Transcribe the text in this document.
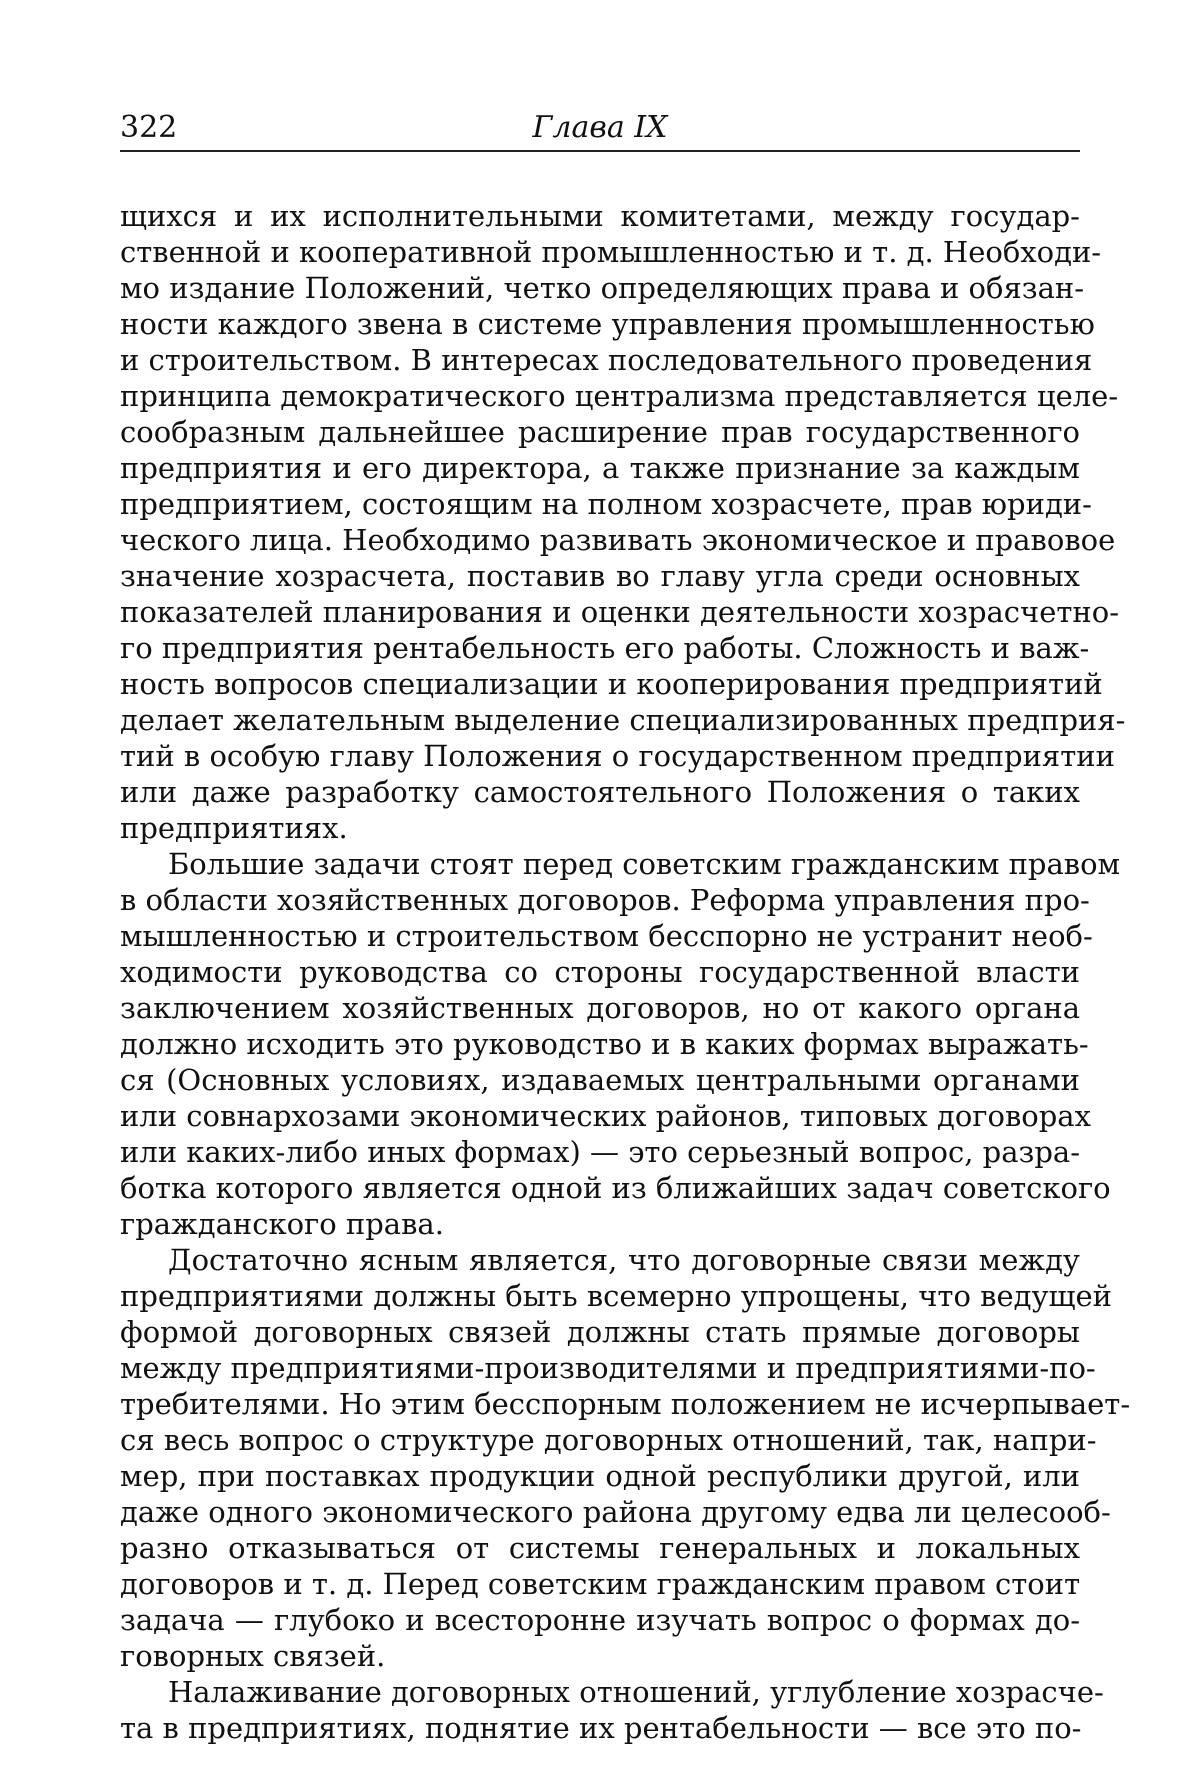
322	Глава IX
щихся и их исполнительными комитетами, между государ-
ственной и кооперативной промышленностью и т. д. Необходи-
мо издание Положений, четко определяющих права и обязан-
ности каждого звена в системе управления промышленностью
и строительством. В интересах последовательного проведения
принципа демократического централизма представляется целе-
сообразным дальнейшее расширение прав государственного
предприятия и его директора, а также признание за каждым
предприятием, состоящим на полном хозрасчете, прав юриди-
ческого лица. Необходимо развивать экономическое и правовое
значение хозрасчета, поставив во главу угла среди основных
показателей планирования и оценки деятельности хозрасчетно-
го предприятия рентабельность его работы. Сложность и важ-
ность вопросов специализации и кооперирования предприятий
делает желательным выделение специализированных предприя-
тий в особую главу Положения о государственном предприятии
или даже разработку самостоятельного Положения о таких
предприятиях.
Большие задачи стоят перед советским гражданским правом
в области хозяйственных договоров. Реформа управления про-
мышленностью и строительством бесспорно не устранит необ-
ходимости руководства со стороны государственной власти
заключением хозяйственных договоров, но от какого органа
должно исходить это руководство и в каких формах выражать-
ся (Основных условиях, издаваемых центральными органами
или совнархозами экономических районов, типовых договорах
или каких-либо иных формах) — это серьезный вопрос, разра-
ботка которого является одной из ближайших задач советского
гражданского права.
Достаточно ясным является, что договорные связи между
предприятиями должны быть всемерно упрощены, что ведущей
формой договорных связей должны стать прямые договоры
между предприятиями-производителями и предприятиями-по-
требителями. Но этим бесспорным положением не исчерпывает-
ся весь вопрос о структуре договорных отношений, так, напри-
мер, при поставках продукции одной республики другой, или
даже одного экономического района другому едва ли целесооб-
разно отказываться от системы генеральных и локальных
договоров и т. д. Перед советским гражданским правом стоит
задача — глубоко и всесторонне изучать вопрос о формах до-
говорных связей.
Налаживание договорных отношений, углубление хозрасче-
та в предприятиях, поднятие их рентабельности — все это по-
